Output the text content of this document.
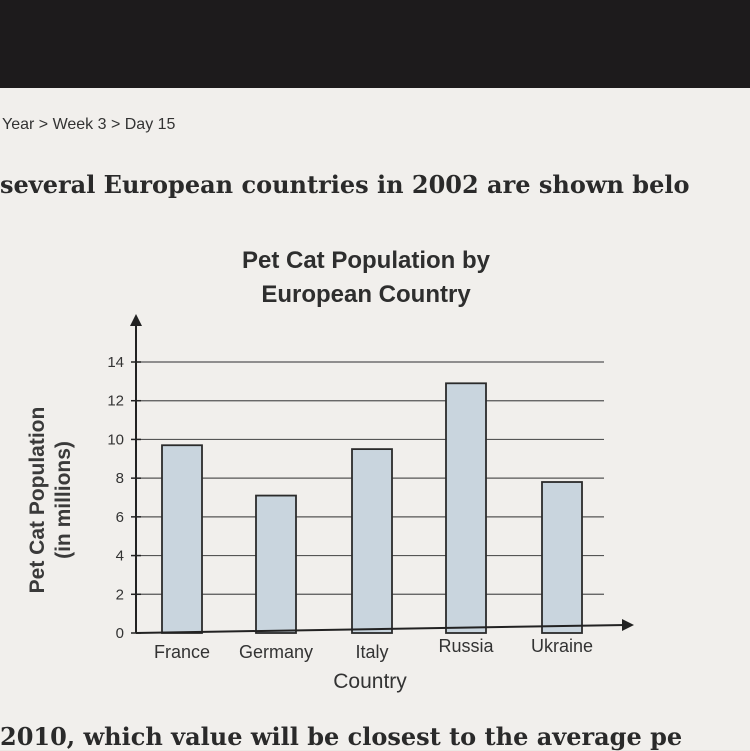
Year > Week 3 > Day 15
several European countries in 2002 are shown belo
Pet Cat Population by
European Country
0
2
4
6
8
10
12
14
France Germany Italy	Russia Ukraine
Pet Cat Population (in millions)
Country
2010, which value will be closest to the average pe
